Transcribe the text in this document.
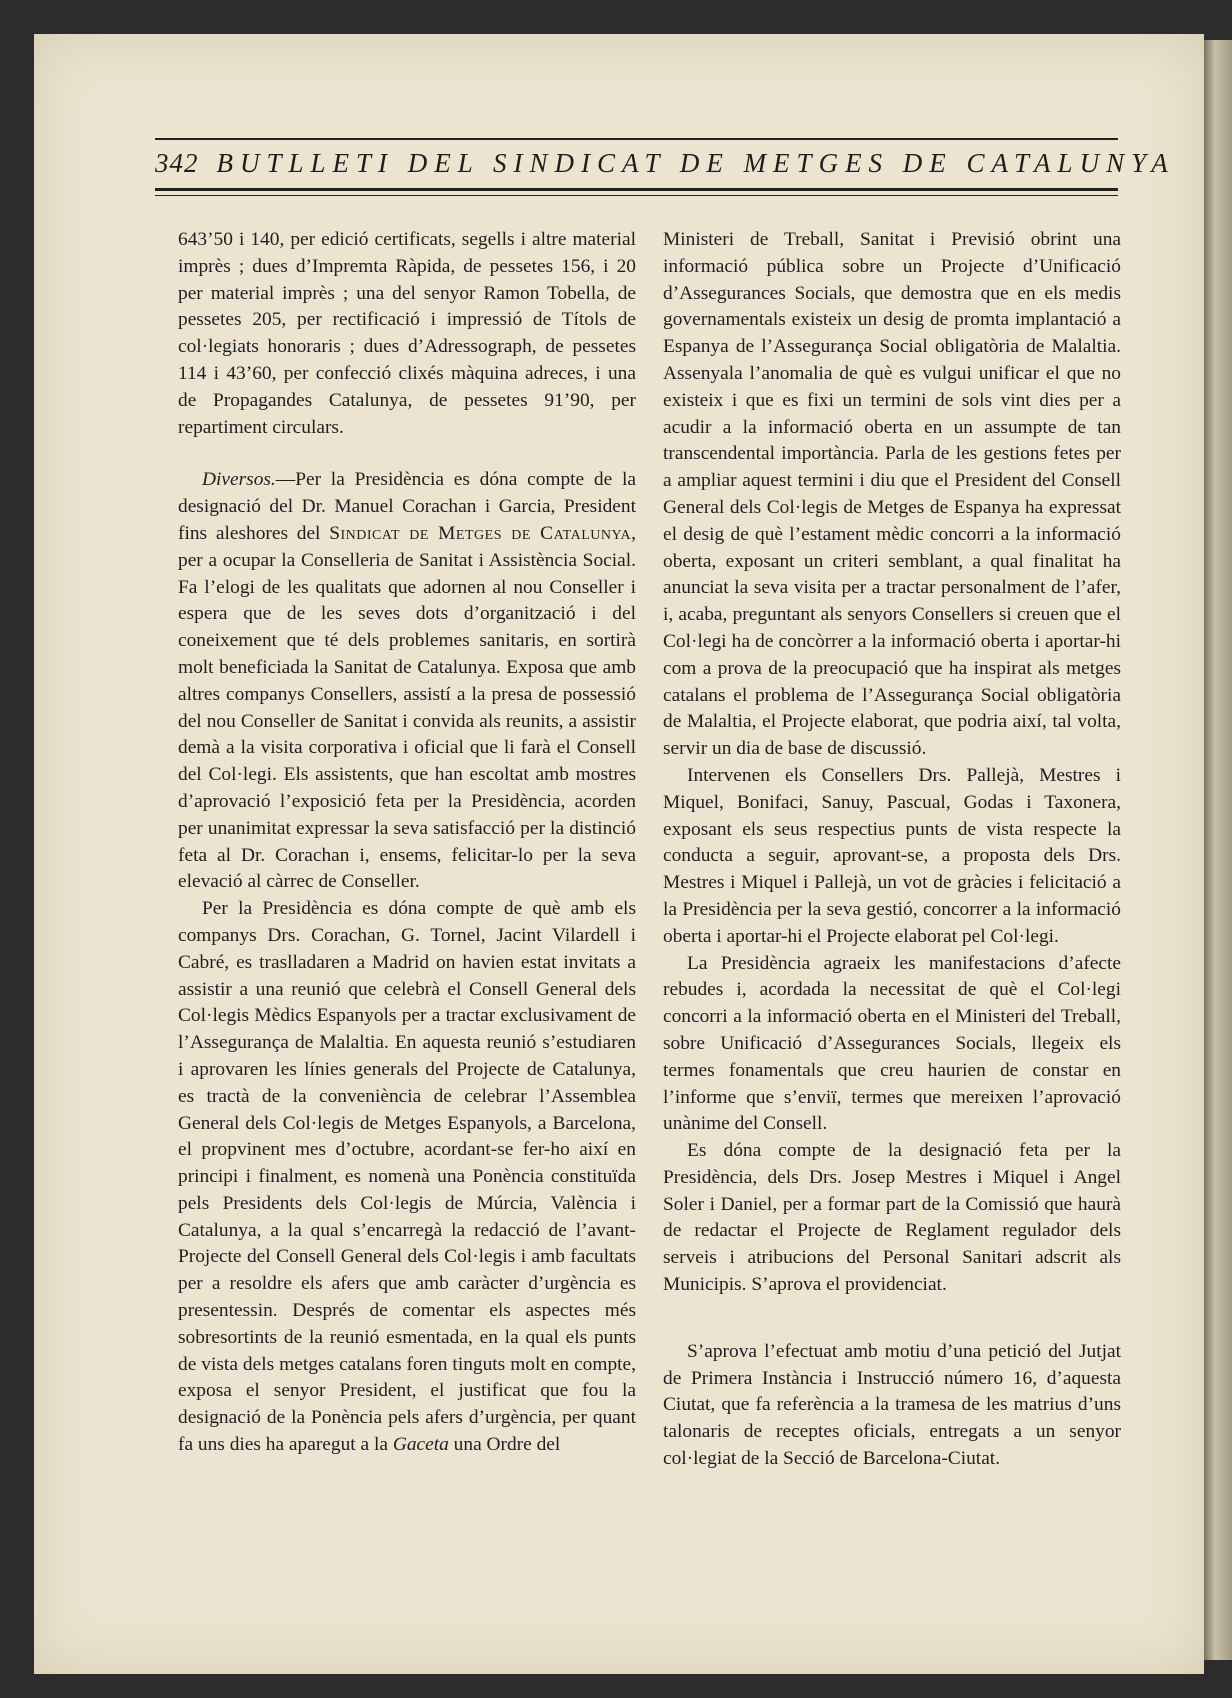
342 BUTLLETI DEL SINDICAT DE METGES DE CATALUNYA

643’50 i 140, per edició certificats, segells i altre material imprès ; dues d’Impremta Ràpida, de pessetes 156, i 20 per material imprès ; una del senyor Ramon Tobella, de pessetes 205, per rectificació i impressió de Títols de col·legiats honoraris ; dues d’Adressograph, de pessetes 114 i 43’60, per confecció clixés màquina adreces, i una de Propagandes Catalunya, de pessetes 91’90, per repartiment circulars.

Diversos.—Per la Presidència es dóna compte de la designació del Dr. Manuel Corachan i Garcia, President fins aleshores del Sindicat de Metges de Catalunya, per a ocupar la Conselleria de Sanitat i Assistència Social. Fa l’elogi de les qualitats que adornen al nou Conseller i espera que de les seves dots d’organització i del coneixement que té dels problemes sanitaris, en sortirà molt beneficiada la Sanitat de Catalunya. Exposa que amb altres companys Consellers, assistí a la presa de possessió del nou Conseller de Sanitat i convida als reunits, a assistir demà a la visita corporativa i oficial que li farà el Consell del Col·legi. Els assistents, que han escoltat amb mostres d’aprovació l’exposició feta per la Presidència, acorden per unanimitat expressar la seva satisfacció per la distinció feta al Dr. Corachan i, ensems, felicitar-lo per la seva elevació al càrrec de Conseller.

Per la Presidència es dóna compte de què amb els companys Drs. Corachan, G. Tornel, Jacint Vilardell i Cabré, es traslladaren a Madrid on havien estat invitats a assistir a una reunió que celebrà el Consell General dels Col·legis Mèdics Espanyols per a tractar exclusivament de l’Assegurança de Malaltia. En aquesta reunió s’estudiaren i aprovaren les línies generals del Projecte de Catalunya, es tractà de la conveniència de celebrar l’Assemblea General dels Col·legis de Metges Espanyols, a Barcelona, el propvinent mes d’octubre, acordant-se fer-ho així en principi i finalment, es nomenà una Ponència constituïda pels Presidents dels Col·legis de Múrcia, València i Catalunya, a la qual s’encarregà la redacció de l’avant-Projecte del Consell General dels Col·legis i amb facultats per a resoldre els afers que amb caràcter d’urgència es presentessin. Després de comentar els aspectes més sobresortints de la reunió esmentada, en la qual els punts de vista dels metges catalans foren tinguts molt en compte, exposa el senyor President, el justificat que fou la designació de la Ponència pels afers d’urgència, per quant fa uns dies ha aparegut a la Gaceta una Ordre del

Ministeri de Treball, Sanitat i Previsió obrint una informació pública sobre un Projecte d’Unificació d’Assegurances Socials, que demostra que en els medis governamentals existeix un desig de promta implantació a Espanya de l’Assegurança Social obligatòria de Malaltia. Assenyala l’anomalia de què es vulgui unificar el que no existeix i que es fixi un termini de sols vint dies per a acudir a la informació oberta en un assumpte de tan transcendental importància. Parla de les gestions fetes per a ampliar aquest termini i diu que el President del Consell General dels Col·legis de Metges de Espanya ha expressat el desig de què l’estament mèdic concorri a la informació oberta, exposant un criteri semblant, a qual finalitat ha anunciat la seva visita per a tractar personalment de l’afer, i, acaba, preguntant als senyors Consellers si creuen que el Col·legi ha de concòrrer a la informació oberta i aportar-hi com a prova de la preocupació que ha inspirat als metges catalans el problema de l’Assegurança Social obligatòria de Malaltia, el Projecte elaborat, que podria així, tal volta, servir un dia de base de discussió.

Intervenen els Consellers Drs. Pallejà, Mestres i Miquel, Bonifaci, Sanuy, Pascual, Godas i Taxonera, exposant els seus respectius punts de vista respecte la conducta a seguir, aprovant-se, a proposta dels Drs. Mestres i Miquel i Pallejà, un vot de gràcies i felicitació a la Presidència per la seva gestió, concorrer a la informació oberta i aportar-hi el Projecte elaborat pel Col·legi.

La Presidència agraeix les manifestacions d’afecte rebudes i, acordada la necessitat de què el Col·legi concorri a la informació oberta en el Ministeri del Treball, sobre Unificació d’Assegurances Socials, llegeix els termes fonamentals que creu haurien de constar en l’informe que s’enviï, termes que mereixen l’aprovació unànime del Consell.

Es dóna compte de la designació feta per la Presidència, dels Drs. Josep Mestres i Miquel i Angel Soler i Daniel, per a formar part de la Comissió que haurà de redactar el Projecte de Reglament regulador dels serveis i atribucions del Personal Sanitari adscrit als Municipis. S’aprova el providenciat.

S’aprova l’efectuat amb motiu d’una petició del Jutjat de Primera Instància i Instrucció número 16, d’aquesta Ciutat, que fa referència a la tramesa de les matrius d’uns talonaris de receptes oficials, entregats a un senyor col·legiat de la Secció de Barcelona-Ciutat.
